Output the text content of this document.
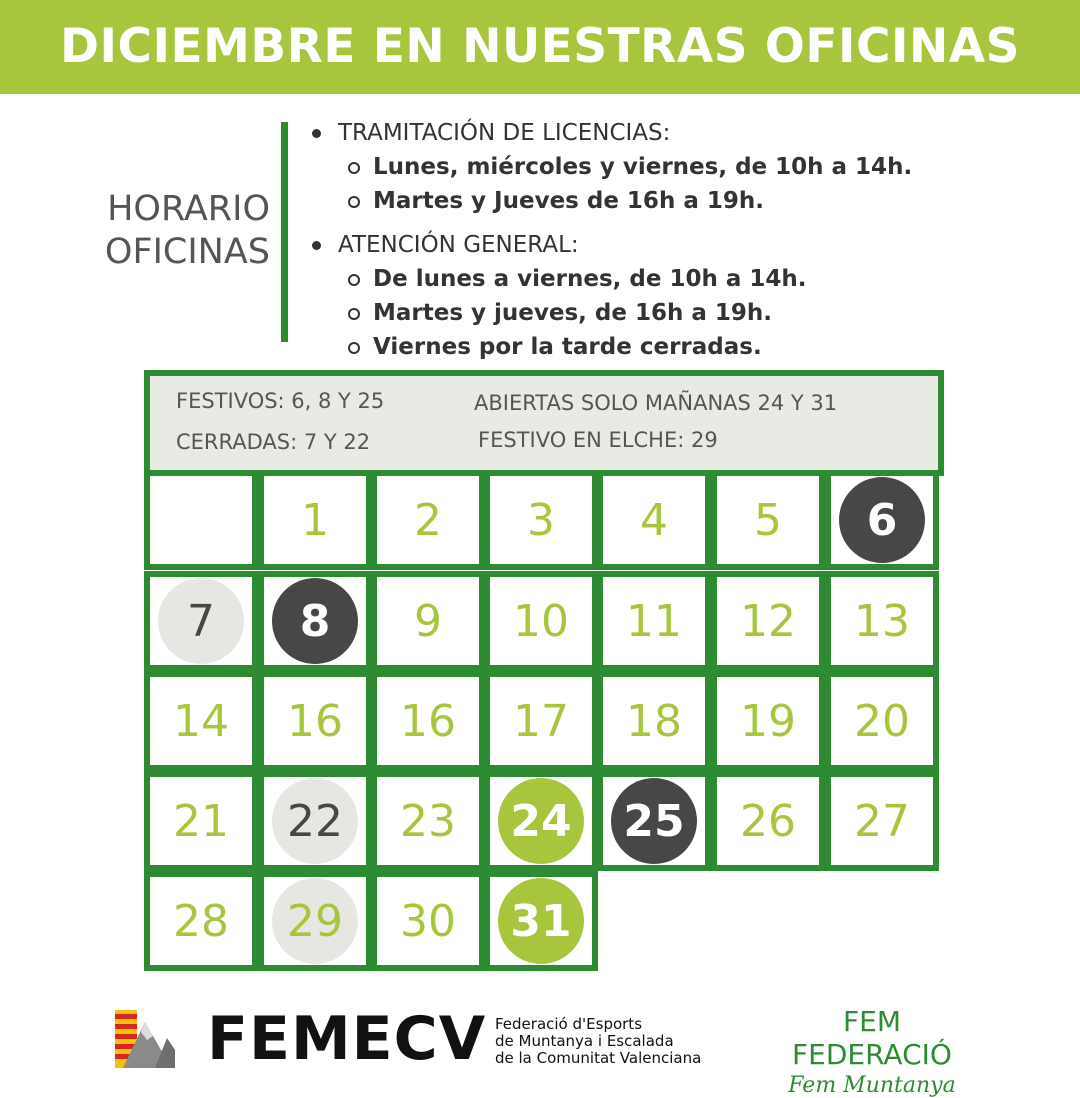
DICIEMBRE EN NUESTRAS OFICINAS
HORARIO
OFICINAS
TRAMITACIÓN DE LICENCIAS:
Lunes, miércoles y viernes, de 10h a 14h.
Martes y Jueves de 16h a 19h.
ATENCIÓN GENERAL:
De lunes a viernes, de 10h a 14h.
Martes y jueves, de 16h a 19h.
Viernes por la tarde cerradas.
FESTIVOS: 6, 8 Y 25
CERRADAS: 7 Y 22
ABIERTAS SOLO MAÑANAS 24 Y 31
FESTIVO EN ELCHE: 29
1 2 3 4 5 6
7 8 9 10 11 12 13
14 16 16 17 18 19 20
21 22 23 24 25 26 27
28 29 30 31
FEMECV Federació d'Esports
de Muntanya i Escalada
de la Comunitat Valenciana
FEM FEDERACIÓ
Fem Muntanya
